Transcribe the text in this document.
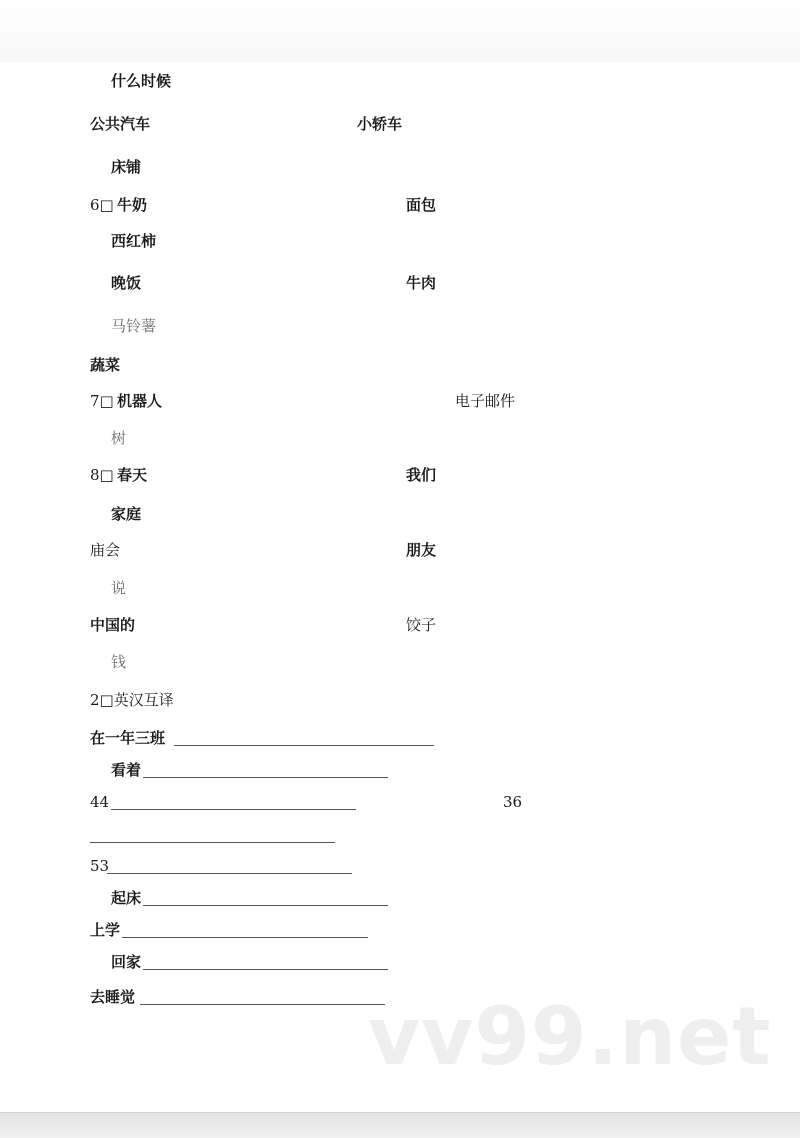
什么时候
公共汽车	小轿车
床铺
6□ 牛奶	面包
西红柿
晚饭	牛肉
马铃薯
蔬菜
7□ 机器人	电子邮件
树
8□ 春天	我们
家庭
庙会	朋友
说
中国的	饺子
钱
2□英汉互译
在一年三班
看着
44	36
53
起床
上学
回家
去睡觉	vv99.net
